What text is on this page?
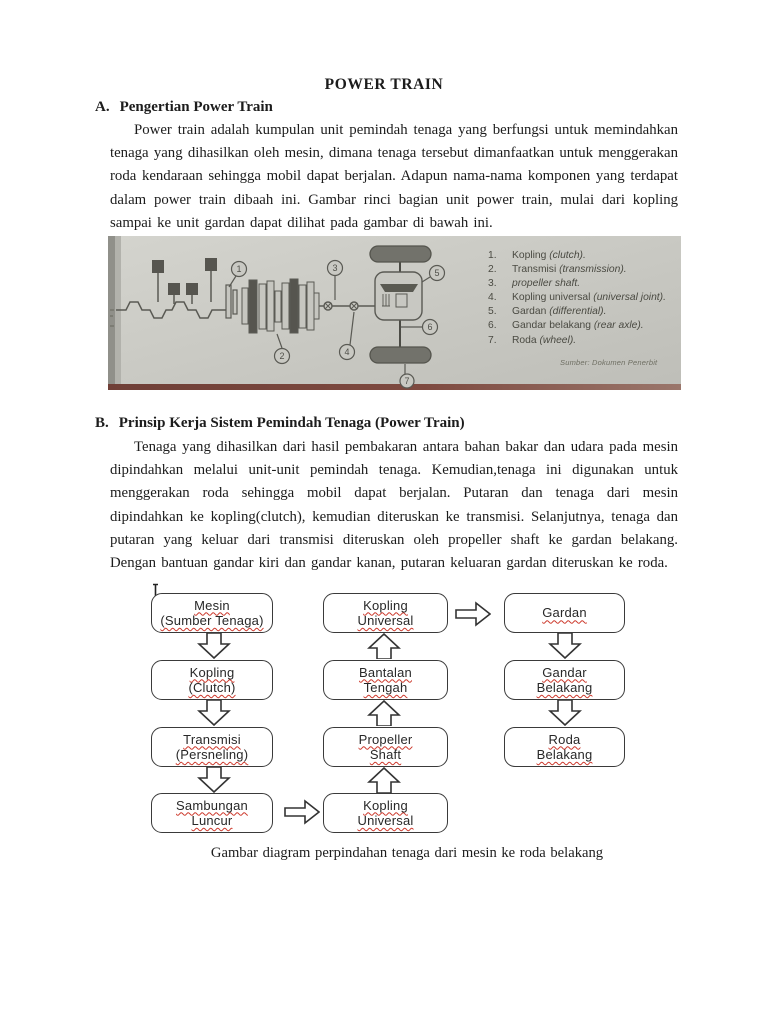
POWER TRAIN
A. Pengertian Power Train

Power train adalah kumpulan unit pemindah tenaga yang berfungsi untuk memindahkan tenaga yang dihasilkan oleh mesin, dimana tenaga tersebut dimanfaatkan untuk menggerakan roda kendaraan sehingga mobil dapat berjalan. Adapun nama-nama komponen yang terdapat dalam power train dibaah ini. Gambar rinci bagian unit power train, mulai dari kopling sampai ke unit gardan dapat dilihat pada gambar di bawah ini.

1
2
3
4
5
6
7
1. Kopling (clutch).
2. Transmisi (transmission).
3. propeller shaft.
4. Kopling universal (universal joint).
5. Gardan (differential).
6. Gandar belakang (rear axle).
7. Roda (wheel).
Sumber: Dokumen Penerbit
B. Prinsip Kerja Sistem Pemindah Tenaga (Power Train)

Tenaga yang dihasilkan dari hasil pembakaran antara bahan bakar dan udara pada mesin dipindahkan melalui unit-unit pemindah tenaga. Kemudian,tenaga ini digunakan untuk menggerakan roda sehingga mobil dapat berjalan. Putaran dan tenaga dari mesin dipindahkan ke kopling(clutch), kemudian diteruskan ke transmisi. Selanjutnya, tenaga dan putaran yang keluar dari transmisi diteruskan oleh propeller shaft ke gardan belakang. Dengan bantuan gandar kiri dan gandar kanan, putaran keluaran gardan diteruskan ke roda.

Mesin
(Sumber Tenaga)
Kopling
(Clutch)
Transmisi
(Persneling)
Sambungan
Luncur
Kopling
Universal
Bantalan
Tengah
Propeller
Shaft
Kopling
Universal
Gardan
Gandar
Belakang
Roda
Belakang
Gambar diagram perpindahan tenaga dari mesin ke roda belakang
